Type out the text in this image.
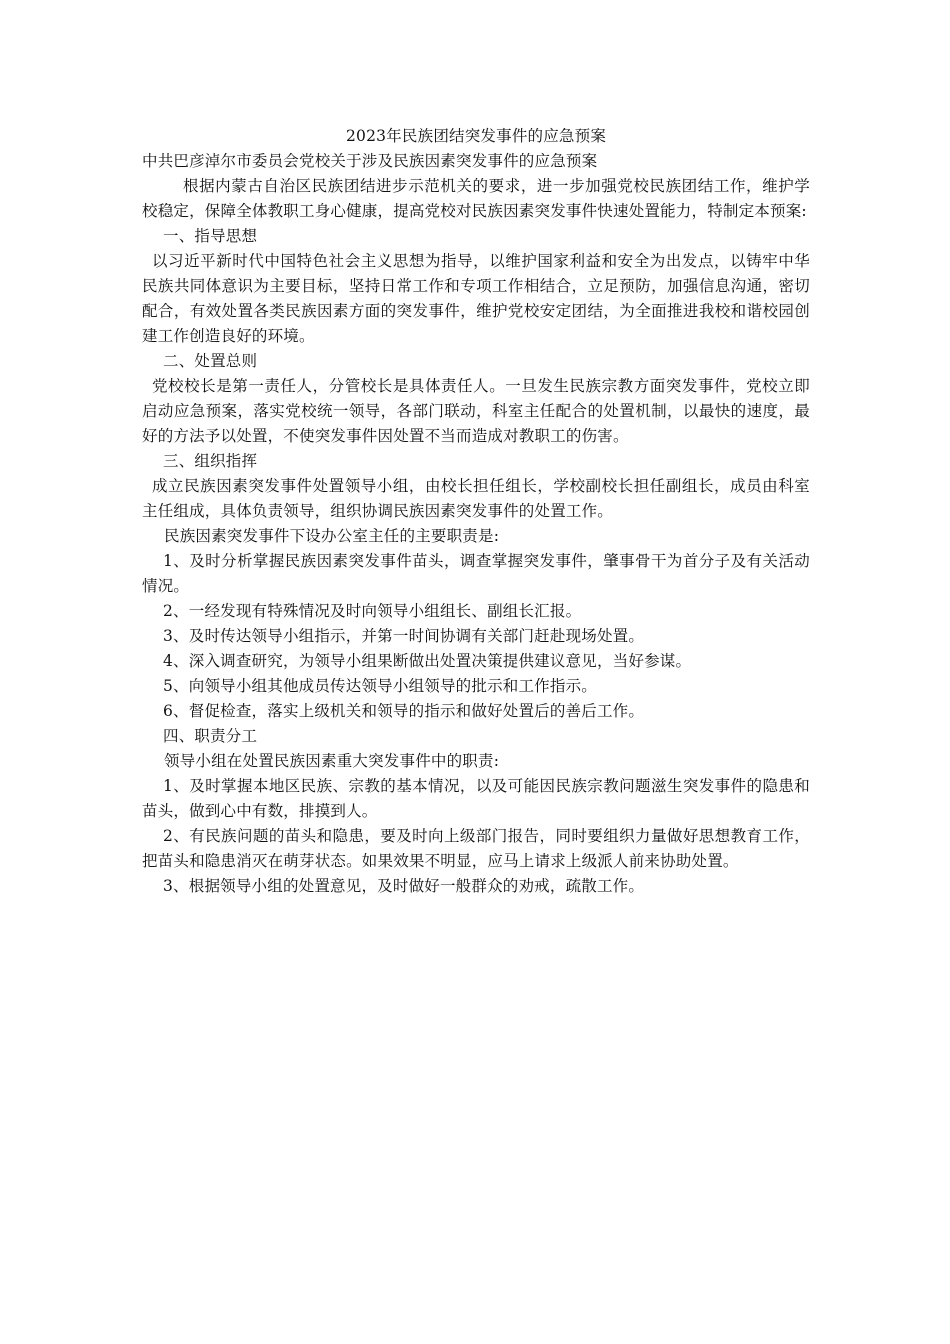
2023年民族团结突发事件的应急预案

中共巴彦淖尔市委员会党校关于涉及民族因素突发事件的应急预案

根据内蒙古自治区民族团结进步示范机关的要求，进一步加强党校民族团结工作，维护学校稳定，保障全体教职工身心健康，提高党校对民族因素突发事件快速处置能力，特制定本预案:

一、指导思想

以习近平新时代中国特色社会主义思想为指导，以维护国家利益和安全为出发点，以铸牢中华民族共同体意识为主要目标，坚持日常工作和专项工作相结合，立足预防，加强信息沟通，密切配合，有效处置各类民族因素方面的突发事件，维护党校安定团结，为全面推进我校和谐校园创建工作创造良好的环境。

二、处置总则

党校校长是第一责任人，分管校长是具体责任人。一旦发生民族宗教方面突发事件，党校立即启动应急预案，落实党校统一领导，各部门联动，科室主任配合的处置机制，以最快的速度，最好的方法予以处置，不使突发事件因处置不当而造成对教职工的伤害。

三、组织指挥

成立民族因素突发事件处置领导小组，由校长担任组长，学校副校长担任副组长，成员由科室主任组成，具体负责领导，组织协调民族因素突发事件的处置工作。

民族因素突发事件下设办公室主任的主要职责是:

1、及时分析掌握民族因素突发事件苗头，调查掌握突发事件，肇事骨干为首分子及有关活动情况。

2、一经发现有特殊情况及时向领导小组组长、副组长汇报。

3、及时传达领导小组指示，并第一时间协调有关部门赶赴现场处置。

4、深入调查研究，为领导小组果断做出处置决策提供建议意见，当好参谋。

5、向领导小组其他成员传达领导小组领导的批示和工作指示。

6、督促检查，落实上级机关和领导的指示和做好处置后的善后工作。

四、职责分工

领导小组在处置民族因素重大突发事件中的职责:

1、及时掌握本地区民族、宗教的基本情况，以及可能因民族宗教问题滋生突发事件的隐患和苗头，做到心中有数，排摸到人。

2、有民族问题的苗头和隐患，要及时向上级部门报告，同时要组织力量做好思想教育工作，把苗头和隐患消灭在萌芽状态。如果效果不明显，应马上请求上级派人前来协助处置。

3、根据领导小组的处置意见，及时做好一般群众的劝戒，疏散工作。
